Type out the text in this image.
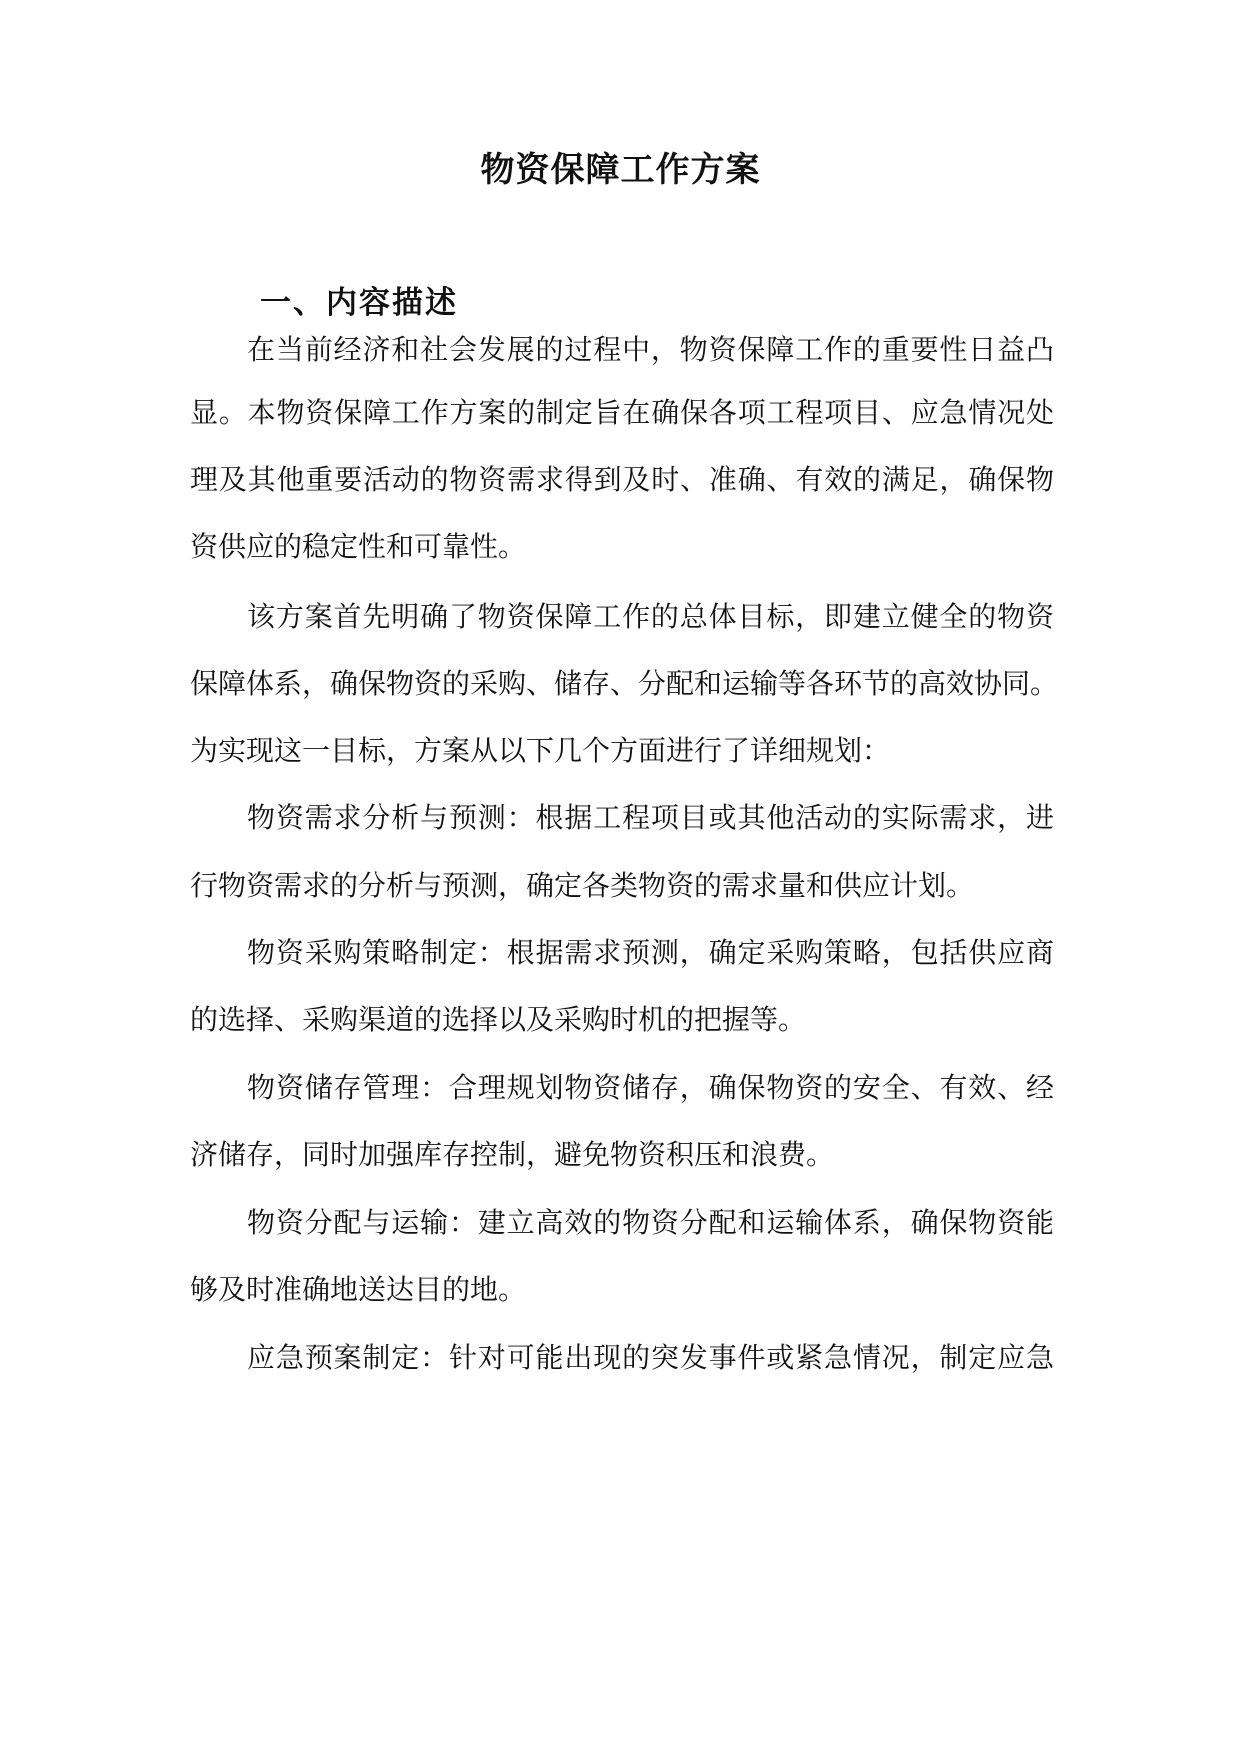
物资保障工作方案
一、内容描述
在当前经济和社会发展的过程中，物资保障工作的重要性日益凸
显。本物资保障工作方案的制定旨在确保各项工程项目、应急情况处
理及其他重要活动的物资需求得到及时、准确、有效的满足，确保物
资供应的稳定性和可靠性。
该方案首先明确了物资保障工作的总体目标，即建立健全的物资
保障体系，确保物资的采购、储存、分配和运输等各环节的高效协同。
为实现这一目标，方案从以下几个方面进行了详细规划：
物资需求分析与预测：根据工程项目或其他活动的实际需求，进
行物资需求的分析与预测，确定各类物资的需求量和供应计划。
物资采购策略制定：根据需求预测，确定采购策略，包括供应商
的选择、采购渠道的选择以及采购时机的把握等。
物资储存管理：合理规划物资储存，确保物资的安全、有效、经
济储存，同时加强库存控制，避免物资积压和浪费。
物资分配与运输：建立高效的物资分配和运输体系，确保物资能
够及时准确地送达目的地。
应急预案制定：针对可能出现的突发事件或紧急情况，制定应急
